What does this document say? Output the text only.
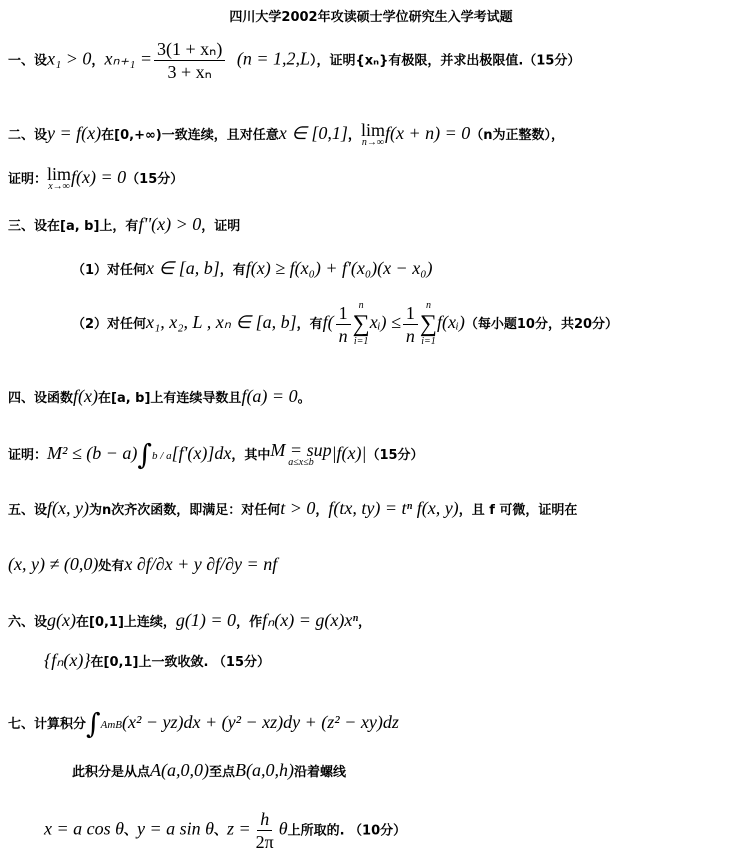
四川大学2002年攻读硕士学位研究生入学考试题
一、设x₁ > 0，$x_{n+1} = \frac{\text{3(1 + xₙ)}}{\text{3 + xₙ}} (n = 1,2,L)$，证明{xₙ}有极限，并求出极限值.（15分）
二、设y = f(x)在[0,+∞)一致连续，且对任意x ∈ [0,1]， lim
n→∞ f(x + n) = 0（n为正整数），
证明： lim
x→∞ f(x) = 0（15分）
三、设在[a, b]上，有f''(x) > 0，证明
（1）对任何x ∈ [a, b]，有f(x) ≥ f(x₀) + f'(x₀)(x − x₀)
（2）对任何x₁, x₂, L , xₙ ∈ [a, b]，有$f( \frac{1}{n}$ n
∑
i=1
xᵢ) ≤ $\frac{1}{n}$ n
∑
i=1
f(xᵢ)（每小题10分，共20分）
四、设函数f(x)在[a, b]上有连续导数且f(a) = 0。
证明：M² ≤ (b − a)∫b / a[f'(x)]dx，其中 M = sup
a≤x≤b |f(x)|（15分）
五、设f(x, y)为n次齐次函数，即满足：对任何t > 0，f(tx, ty) = tⁿ f(x, y)，且 f 可微，证明在
(x, y) ≠ (0,0)处有x ∂f/∂x + y ∂f/∂y = nf
六、设g(x)在[0,1]上连续，g(1) = 0，作fₙ(x) = g(x)xⁿ，
{fₙ(x)}在[0,1]上一致收敛. （15分）
七、计算积分∫AmB(x² − yz)dx + (y² − xz)dy + (z² − xy)dz
此积分是从点A(a,0,0)至点B(a,0,h)沿着螺线
x = a cos θ、y = a sin θ、$z = \frac{h}{2\pi}$ θ上所取的. （10分）
